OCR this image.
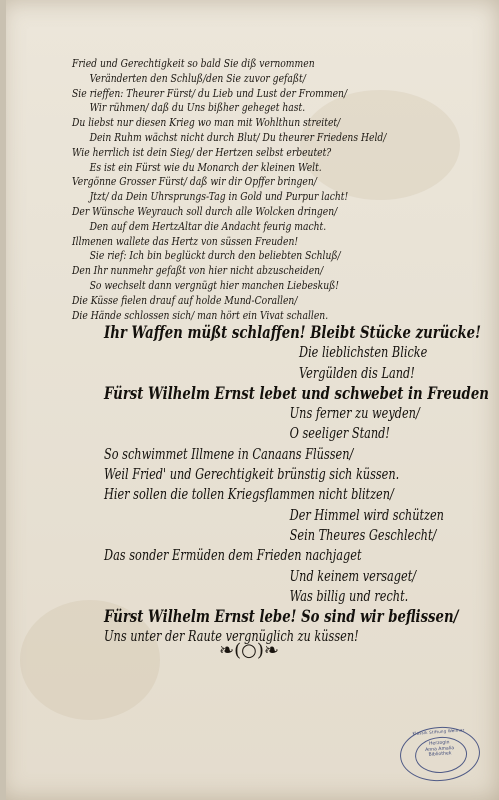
Fried und Gerechtigkeit so bald Sie diß vernommen
Veränderten den Schluß/den Sie zuvor gefaßt/
Sie rieffen: Theurer Fürst/ du Lieb und Lust der Frommen/
Wir rühmen/ daß du Uns bißher geheget hast.
Du liebst nur diesen Krieg wo man mit Wohlthun streitet/
Dein Ruhm wächst nicht durch Blut/ Du theurer Friedens Held/
Wie herrlich ist dein Sieg/ der Hertzen selbst erbeutet?
Es ist ein Fürst wie du Monarch der kleinen Welt.
Vergönne Grosser Fürst/ daß wir dir Opffer bringen/
Jtzt/ da Dein Uhrsprungs-Tag in Gold und Purpur lacht!
Der Wünsche Weyrauch soll durch alle Wolcken dringen/
Den auf dem HertzAltar die Andacht feurig macht.
Illmenen wallete das Hertz von süssen Freuden!
Sie rief: Ich bin beglückt durch den beliebten Schluß/
Den Ihr nunmehr gefaßt von hier nicht abzuscheiden/
So wechselt dann vergnügt hier manchen Liebeskuß!
Die Küsse fielen drauf auf holde Mund-Corallen/
Die Hände schlossen sich/ man hört ein Vivat schallen.
Ihr Waffen müßt schlaffen! Bleibt Stücke zurücke!
Die lieblichsten Blicke
Vergülden dis Land!
Fürst Wilhelm Ernst lebet und schwebet in Freuden
Uns ferner zu weyden/
O seeliger Stand!
So schwimmet Illmene in Canaans Flüssen/
Weil Fried' und Gerechtigkeit brünstig sich küssen.
Hier sollen die tollen Kriegsflammen nicht blitzen/
Der Himmel wird schützen
Sein Theures Geschlecht/
Das sonder Ermüden dem Frieden nachjaget
Und keinem versaget/
Was billig und recht.
Fürst Wilhelm Ernst lebe! So sind wir beflissen/
Uns unter der Raute vergnüglich zu küssen!
❧(○)❧
Klassik Stiftung Weimar
Herzogin
Anna Amalia
Bibliothek
